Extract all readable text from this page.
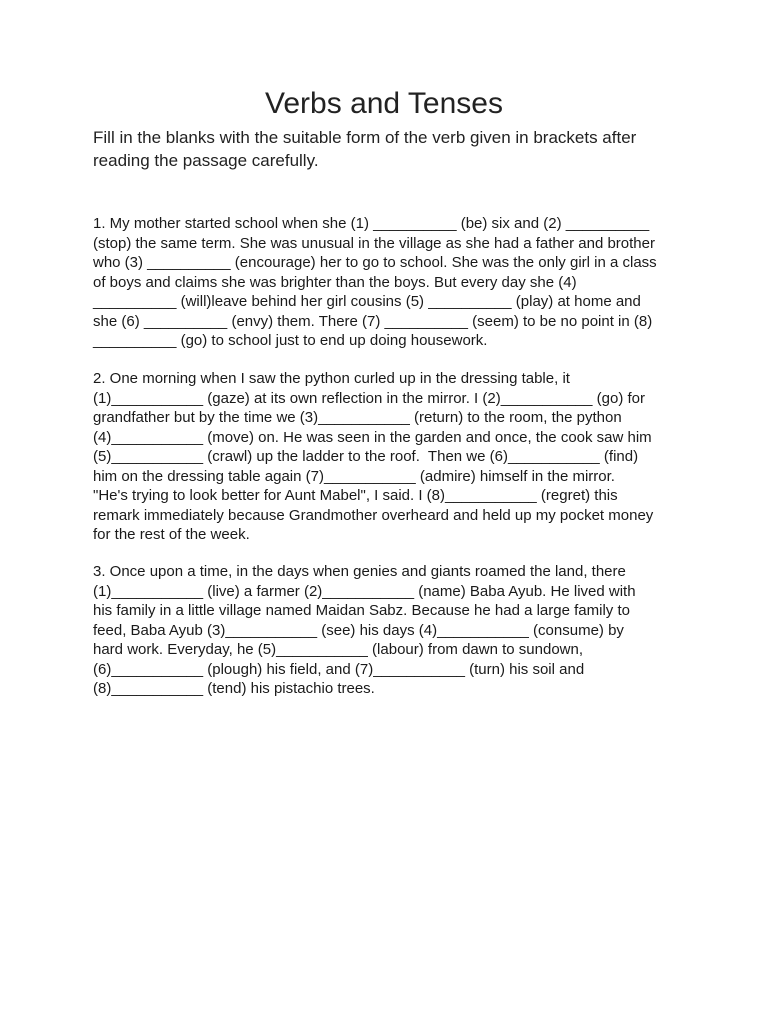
Verbs and Tenses

Fill in the blanks with the suitable form of the verb given in brackets after reading the passage carefully.

1. My mother started school when she (1) __________ (be) six and (2) __________

(stop) the same term. She was unusual in the village as she had a father and brother

who (3) __________ (encourage) her to go to school. She was the only girl in a class

of boys and claims she was brighter than the boys. But every day she (4)

__________ (will)leave behind her girl cousins (5) __________ (play) at home and

she (6) __________ (envy) them. There (7) __________ (seem) to be no point in (8)

__________ (go) to school just to end up doing housework.

2. One morning when I saw the python curled up in the dressing table, it

(1)___________ (gaze) at its own reflection in the mirror. I (2)___________ (go) for

grandfather but by the time we (3)___________ (return) to the room, the python

(4)___________ (move) on. He was seen in the garden and once, the cook saw him

(5)___________ (crawl) up the ladder to the roof.  Then we (6)___________ (find)

him on the dressing table again (7)___________ (admire) himself in the mirror.

"He's trying to look better for Aunt Mabel", I said. I (8)___________ (regret) this

remark immediately because Grandmother overheard and held up my pocket money

for the rest of the week.

3. Once upon a time, in the days when genies and giants roamed the land, there

(1)___________ (live) a farmer (2)___________ (name) Baba Ayub. He lived with

his family in a little village named Maidan Sabz. Because he had a large family to

feed, Baba Ayub (3)___________ (see) his days (4)___________ (consume) by

hard work. Everyday, he (5)___________ (labour) from dawn to sundown,

(6)___________ (plough) his field, and (7)___________ (turn) his soil and

(8)___________ (tend) his pistachio trees.
